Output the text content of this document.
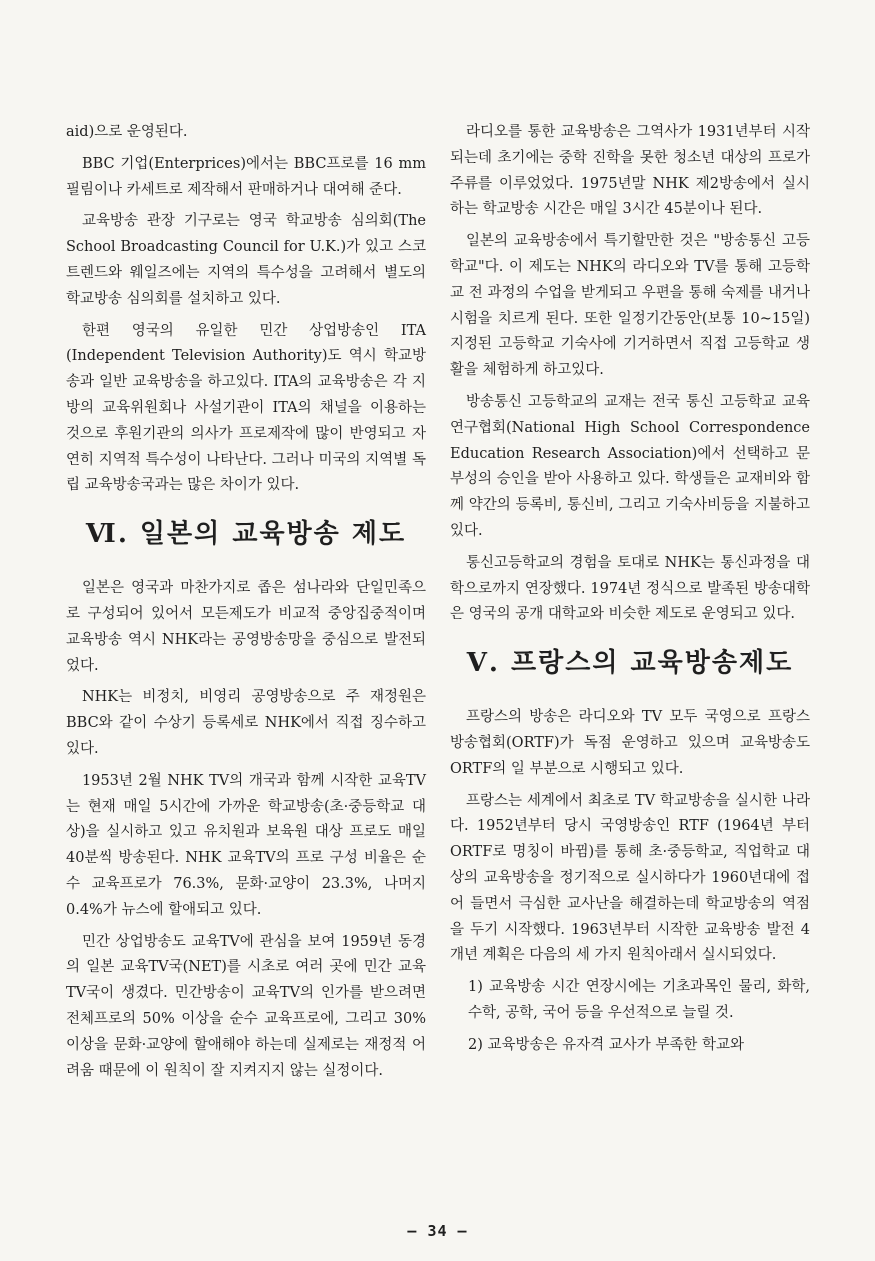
aid)으로 운영된다.

BBC 기업(Enterprices)에서는 BBC프로를 16 mm 필림이나 카세트로 제작해서 판매하거나 대여해 준다.

교육방송 관장 기구로는 영국 학교방송 심의회(The School Broadcasting Council for U.K.)가 있고 스코트렌드와 웨일즈에는 지역의 특수성을 고려해서 별도의 학교방송 심의회를 설치하고 있다.

한편 영국의 유일한 민간 상업방송인 ITA (Independent Television Authority)도 역시 학교방송과 일반 교육방송을 하고있다. ITA의 교육방송은 각 지방의 교육위원회나 사설기관이 ITA의 채널을 이용하는 것으로 후원기관의 의사가 프로제작에 많이 반영되고 자연히 지역적 특수성이 나타난다. 그러나 미국의 지역별 독립 교육방송국과는 많은 차이가 있다.

Ⅵ. 일본의 교육방송 제도

일본은 영국과 마찬가지로 좁은 섬나라와 단일민족으로 구성되어 있어서 모든제도가 비교적 중앙집중적이며 교육방송 역시 NHK라는 공영방송망을 중심으로 발전되었다.

NHK는 비정치, 비영리 공영방송으로 주 재정원은 BBC와 같이 수상기 등록세로 NHK에서 직접 징수하고 있다.

1953년 2월 NHK TV의 개국과 함께 시작한 교육TV는 현재 매일 5시간에 가까운 학교방송(초·중등학교 대상)을 실시하고 있고 유치원과 보육원 대상 프로도 매일 40분씩 방송된다. NHK 교육TV의 프로 구성 비율은 순수 교육프로가 76.3%, 문화·교양이 23.3%, 나머지 0.4%가 뉴스에 할애되고 있다.

민간 상업방송도 교육TV에 관심을 보여 1959년 동경의 일본 교육TV국(NET)를 시초로 여러 곳에 민간 교육TV국이 생겼다. 민간방송이 교육TV의 인가를 받으려면 전체프로의 50% 이상을 순수 교육프로에, 그리고 30% 이상을 문화·교양에 할애해야 하는데 실제로는 재정적 어려움 때문에 이 원칙이 잘 지켜지지 않는 실정이다.

라디오를 통한 교육방송은 그역사가 1931년부터 시작되는데 초기에는 중학 진학을 못한 청소년 대상의 프로가 주류를 이루었었다. 1975년말 NHK 제2방송에서 실시하는 학교방송 시간은 매일 3시간 45분이나 된다.

일본의 교육방송에서 특기할만한 것은 "방송통신 고등학교"다. 이 제도는 NHK의 라디오와 TV를 통해 고등학교 전 과정의 수업을 받게되고 우편을 통해 숙제를 내거나 시험을 치르게 된다. 또한 일정기간동안(보통 10~15일) 지정된 고등학교 기숙사에 기거하면서 직접 고등학교 생활을 체험하게 하고있다.

방송통신 고등학교의 교재는 전국 통신 고등학교 교육연구협회(National High School Correspondence Education Research Association)에서 선택하고 문부성의 승인을 받아 사용하고 있다. 학생들은 교재비와 함께 약간의 등록비, 통신비, 그리고 기숙사비등을 지불하고 있다.

통신고등학교의 경험을 토대로 NHK는 통신과정을 대학으로까지 연장했다. 1974년 정식으로 발족된 방송대학은 영국의 공개 대학교와 비슷한 제도로 운영되고 있다.

Ⅴ. 프랑스의 교육방송제도

프랑스의 방송은 라디오와 TV 모두 국영으로 프랑스 방송협회(ORTF)가 독점 운영하고 있으며 교육방송도 ORTF의 일 부분으로 시행되고 있다.

프랑스는 세계에서 최초로 TV 학교방송을 실시한 나라다. 1952년부터 당시 국영방송인 RTF (1964년 부터 ORTF로 명칭이 바뀜)를 통해 초·중등학교, 직업학교 대상의 교육방송을 정기적으로 실시하다가 1960년대에 접어 들면서 극심한 교사난을 해결하는데 학교방송의 역점을 두기 시작했다. 1963년부터 시작한 교육방송 발전 4개년 계획은 다음의 세 가지 원칙아래서 실시되었다.

1) 교육방송 시간 연장시에는 기초과목인 물리, 화학, 수학, 공학, 국어 등을 우선적으로 늘릴 것.

2) 교육방송은 유자격 교사가 부족한 학교와

— 34 —
